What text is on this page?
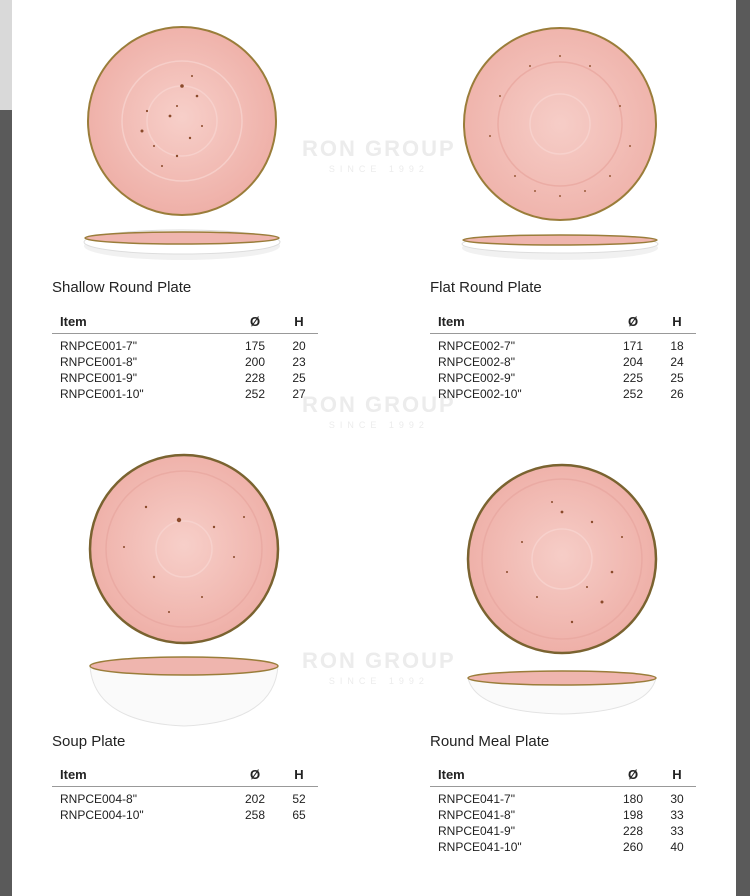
RON GROUP
SINCE 1992
RON GROUP
SINCE 1992
RON GROUP
SINCE 1992
Shallow Round Plate
Item	Ø	H
RNPCE001-7"	175	20
RNPCE001-8"	200	23
RNPCE001-9"	228	25
RNPCE001-10"	252	27
Flat Round Plate
Item	Ø	H
RNPCE002-7"	171	18
RNPCE002-8"	204	24
RNPCE002-9"	225	25
RNPCE002-10"	252	26
Soup Plate
Item	Ø	H
RNPCE004-8"	202	52
RNPCE004-10"	258	65
Round Meal Plate
Item	Ø	H
RNPCE041-7"	180	30
RNPCE041-8"	198	33
RNPCE041-9"	228	33
RNPCE041-10"	260	40
